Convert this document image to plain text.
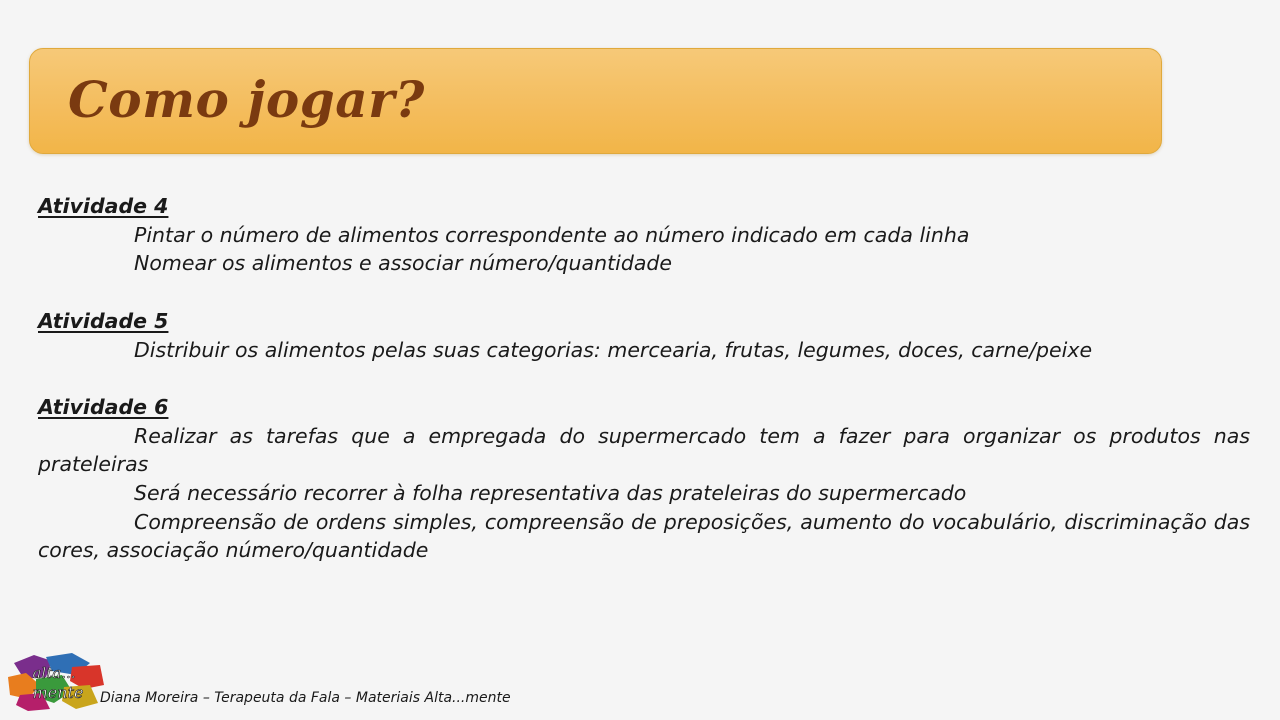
Como jogar?
Atividade 4
Pintar o número de alimentos correspondente ao número indicado em cada linha
Nomear os alimentos e associar número/quantidade
Atividade 5
Distribuir os alimentos pelas suas categorias: mercearia, frutas, legumes, doces, carne/peixe
Atividade 6
Realizar as tarefas que a empregada do supermercado tem a fazer para organizar os produtos nas prateleiras
Será necessário recorrer à folha representativa das prateleiras do supermercado
Compreensão de ordens simples, compreensão de preposições, aumento do vocabulário, discriminação das cores, associação número/quantidade
alta...
mente Diana Moreira – Terapeuta da Fala – Materiais Alta...mente
